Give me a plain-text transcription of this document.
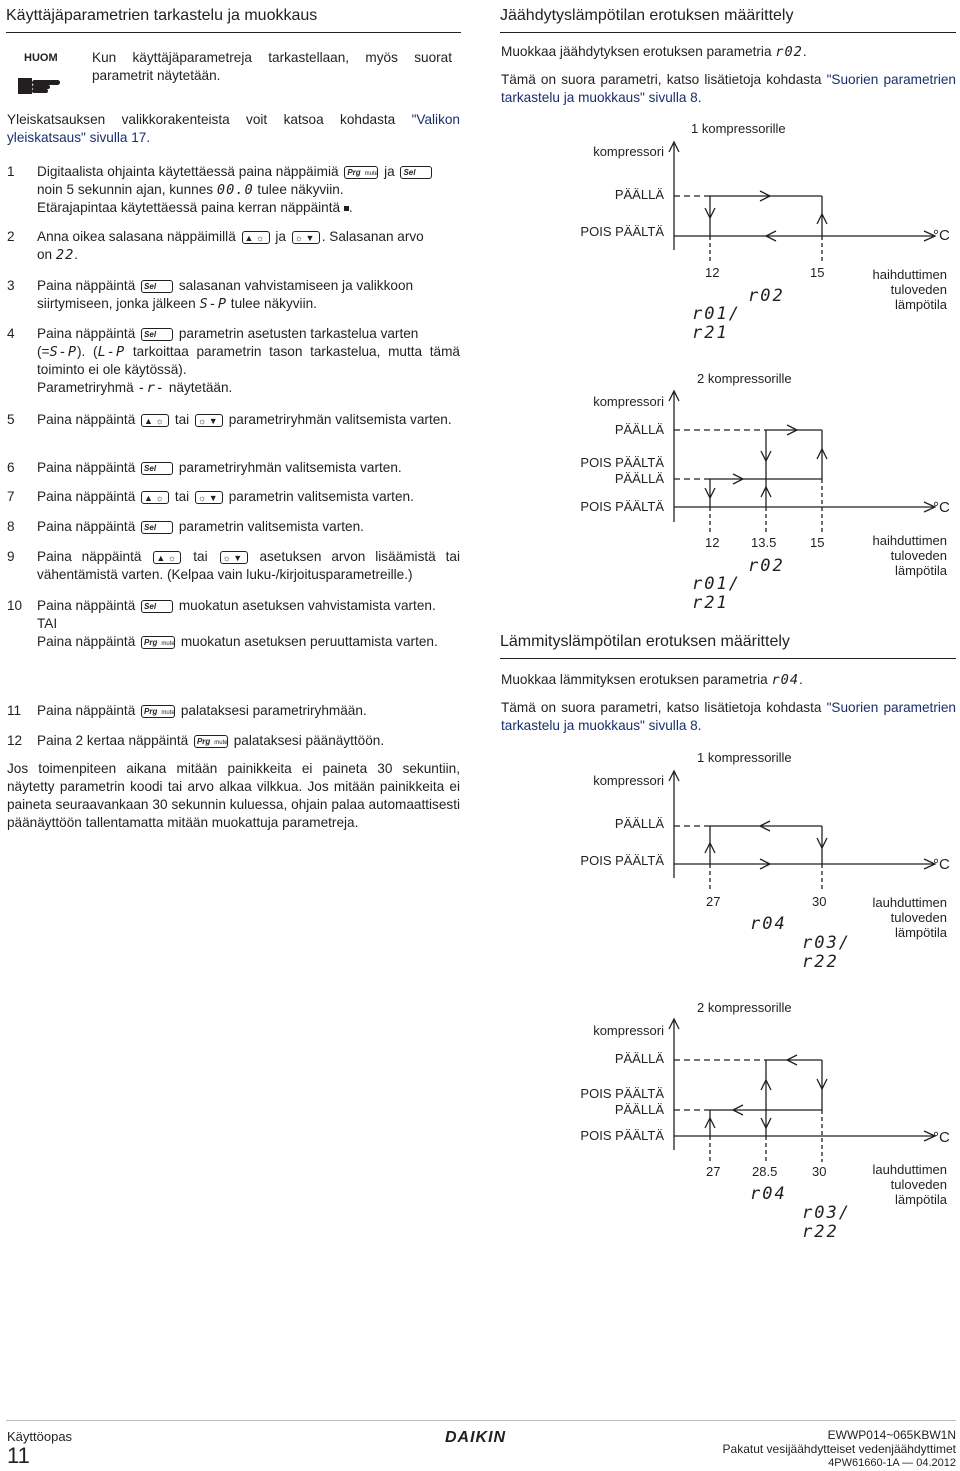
Käyttäjäparametrien tarkastelu ja muokkaus
HUOM	Kun käyttäjäparametreja tarkastellaan, myös suorat parametrit näytetään.
Yleiskatsauksen valikkorakenteista voit katsoa kohdasta "Valikon yleiskatsaus" sivulla 17.
1 Digitaalista ohjainta käytettäessä paina näppäimiä Prg mute ja Sel
noin 5 sekunnin ajan, kunnes 00.0 tulee näkyviin.
Etärajapintaa käytettäessä paina kerran näppäintä .
2 Anna oikea salasana näppäimillä ▲ ☼ ja ☼ ▼ . Salasanan arvo
on 22.
3 Paina näppäintä Sel salasanan vahvistamiseen ja valikkoon
siirtymiseen, jonka jälkeen S-P tulee näkyviin.
4 Paina näppäintä Sel parametrin asetusten tarkastelua varten
(=S-P). (L-P tarkoittaa parametrin tason tarkastelua, mutta tämä toiminto ei ole käytössä).
Parametriryhmä -r- näytetään.
5 Paina näppäintä ▲ ☼ tai ☼ ▼ parametriryhmän valitsemista varten.
6 Paina näppäintä Sel parametriryhmän valitsemista varten.
7 Paina näppäintä ▲ ☼ tai ☼ ▼ parametrin valitsemista varten.
8 Paina näppäintä Sel parametrin valitsemista varten.
9 Paina näppäintä ▲ ☼ tai ☼ ▼ asetuksen arvon lisäämistä tai vähentämistä varten. (Kelpaa vain luku-/kirjoitusparametreille.)
10 Paina näppäintä Sel muokatun asetuksen vahvistamista varten.
TAI
Paina näppäintä Prg mute muokatun asetuksen peruuttamista varten.
11 Paina näppäintä Prg mute palataksesi parametriryhmään.
12 Paina 2 kertaa näppäintä Prg mute palataksesi päänäyttöön.
Jos toimenpiteen aikana mitään painikkeita ei paineta 30 sekuntiin, näytetty parametrin koodi tai arvo alkaa vilkkua. Jos mitään painikkeita ei paineta seuraavankaan 30 sekunnin kuluessa, ohjain palaa automaattisesti päänäyttöön tallentamatta mitään muokattuja parametreja.
Jäähdytyslämpötilan erotuksen määrittely
Muokkaa jäähdytyksen erotuksen parametria r02.
Tämä on suora parametri, katso lisätietoja kohdasta "Suorien parametrien tarkastelu ja muokkaus" sivulla 8.
1 kompressorille
kompressori
PÄÄLLÄ
POIS PÄÄLTÄ	°C
12	15	haihduttimen
tuloveden
lämpötila
r02
r01/
r21
2 kompressorille
kompressori
PÄÄLLÄ
POIS PÄÄLTÄ
PÄÄLLÄ
POIS PÄÄLTÄ	°C
12 13.5	15	haihduttimen
tuloveden
lämpötila
r02
r01/
r21
Lämmityslämpötilan erotuksen määrittely
Muokkaa lämmityksen erotuksen parametria r04.
Tämä on suora parametri, katso lisätietoja kohdasta "Suorien parametrien tarkastelu ja muokkaus" sivulla 8.
1 kompressorille
kompressori
PÄÄLLÄ
POIS PÄÄLTÄ	°C
27	30	lauhduttimen
tuloveden
lämpötila
r04
r03/
r22
2 kompressorille
kompressori
PÄÄLLÄ
POIS PÄÄLTÄ
PÄÄLLÄ
POIS PÄÄLTÄ	°C
27 28.5	30	lauhduttimen
tuloveden
lämpötila
r04
r03/
r22
Käyttöopas
11
DAIKIN	EWWP014~065KBW1N
Pakatut vesijäähdytteiset vedenjäähdyttimet
4PW61660-1A — 04.2012
